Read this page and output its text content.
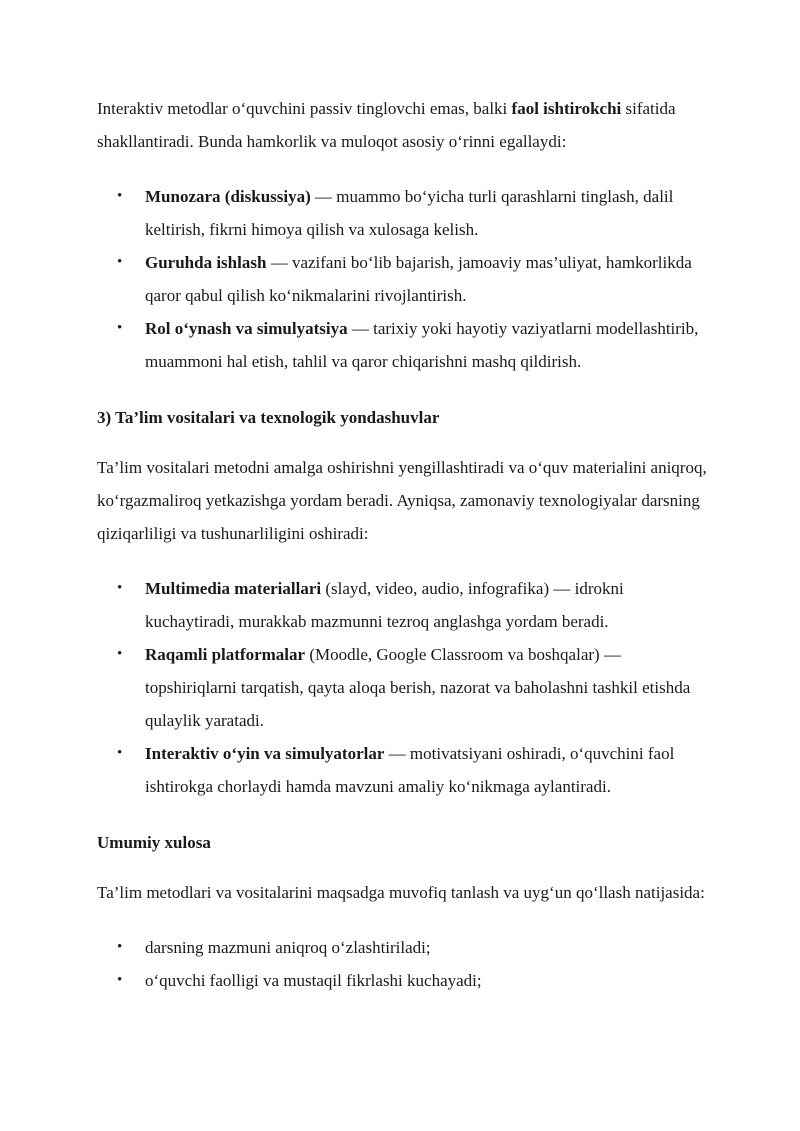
Interaktiv metodlar o‘quvchini passiv tinglovchi emas, balki faol ishtirokchi sifatida shakllantiradi. Bunda hamkorlik va muloqot asosiy o‘rinni egallaydi:

• Munozara (diskussiya) — muammo bo‘yicha turli qarashlarni tinglash, dalil keltirish, fikrni himoya qilish va xulosaga kelish.
• Guruhda ishlash — vazifani bo‘lib bajarish, jamoaviy mas’uliyat, hamkorlikda qaror qabul qilish ko‘nikmalarini rivojlantirish.
• Rol o‘ynash va simulyatsiya — tarixiy yoki hayotiy vaziyatlarni modellashtirib, muammoni hal etish, tahlil va qaror chiqarishni mashq qildirish.
3) Ta’lim vositalari va texnologik yondashuvlar

Ta’lim vositalari metodni amalga oshirishni yengillashtiradi va o‘quv materialini aniqroq, ko‘rgazmaliroq yetkazishga yordam beradi. Ayniqsa, zamonaviy texnologiyalar darsning qiziqarliligi va tushunarliligini oshiradi:

• Multimedia materiallari (slayd, video, audio, infografika) — idrokni kuchaytiradi, murakkab mazmunni tezroq anglashga yordam beradi.
• Raqamli platformalar (Moodle, Google Classroom va boshqalar) — topshiriqlarni tarqatish, qayta aloqa berish, nazorat va baholashni tashkil etishda qulaylik yaratadi.
• Interaktiv o‘yin va simulyatorlar — motivatsiyani oshiradi, o‘quvchini faol ishtirokga chorlaydi hamda mavzuni amaliy ko‘nikmaga aylantiradi.
Umumiy xulosa

Ta’lim metodlari va vositalarini maqsadga muvofiq tanlash va uyg‘un qo‘llash natijasida:

• darsning mazmuni aniqroq o‘zlashtiriladi;
• o‘quvchi faolligi va mustaqil fikrlashi kuchayadi;
